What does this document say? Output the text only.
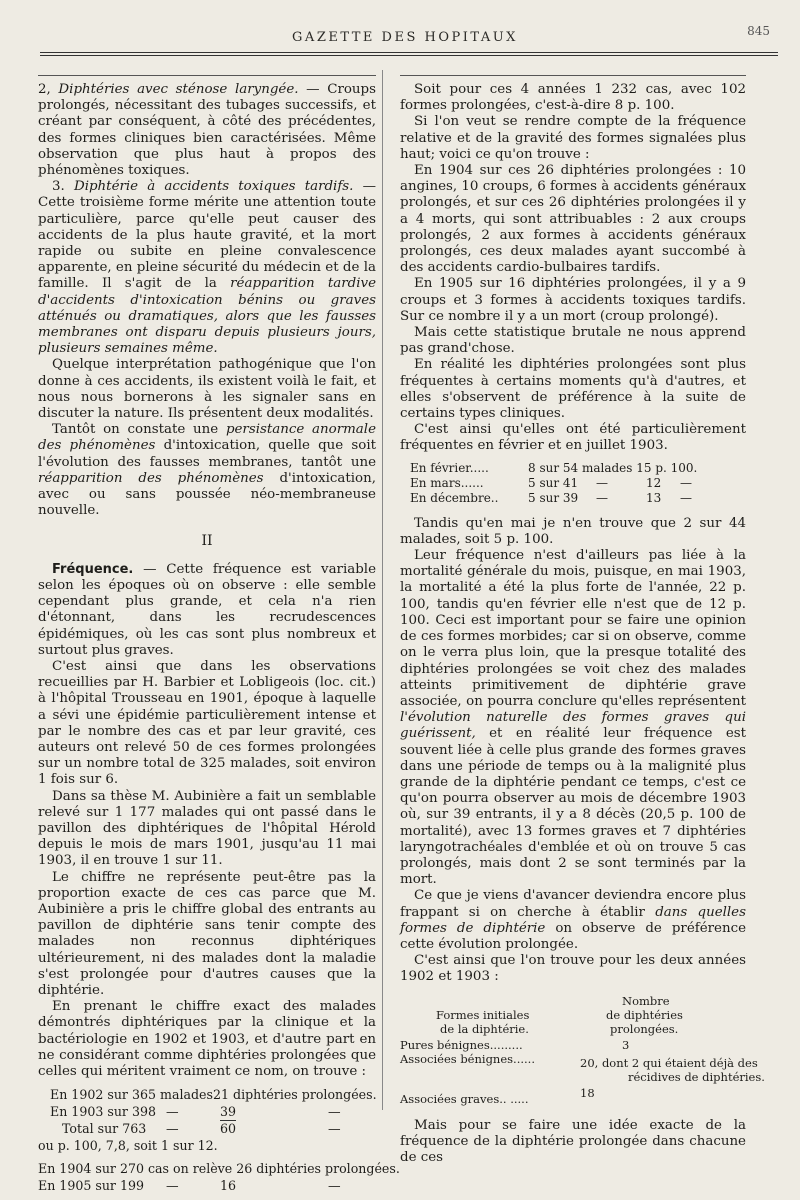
GAZETTE DES HOPITAUX	845

2, Diphtéries avec sténose laryngée. — Croups prolongés, nécessitant des tubages successifs, et créant par conséquent, à côté des précédentes, des formes cliniques bien caractérisées. Même observation que plus haut à propos des phénomènes toxiques.

3. Diphtérie à accidents toxiques tardifs. — Cette troisième forme mérite une attention toute particulière, parce qu'elle peut causer des accidents de la plus haute gravité, et la mort rapide ou subite en pleine convalescence apparente, en pleine sécurité du médecin et de la famille. Il s'agit de la réapparition tardive d'accidents d'intoxication bénins ou graves atténués ou dramatiques, alors que les fausses membranes ont disparu depuis plusieurs jours, plusieurs semaines même.

Quelque interprétation pathogénique que l'on donne à ces accidents, ils existent voilà le fait, et nous nous bornerons à les signaler sans en discuter la nature. Ils présentent deux modalités.

Tantôt on constate une persistance anormale des phénomènes d'intoxication, quelle que soit l'évolution des fausses membranes, tantôt une réapparition des phénomènes d'intoxication, avec ou sans poussée néo-membraneuse nouvelle.

II

Fréquence. — Cette fréquence est variable selon les époques où on observe : elle semble cependant plus grande, et cela n'a rien d'étonnant, dans les recrudescences épidémiques, où les cas sont plus nombreux et surtout plus graves.

C'est ainsi que dans les observations recueillies par H. Barbier et Lobligeois (loc. cit.) à l'hôpital Trousseau en 1901, époque à laquelle a sévi une épidémie particulièrement intense et par le nombre des cas et par leur gravité, ces auteurs ont relevé 50 de ces formes prolongées sur un nombre total de 325 malades, soit environ 1 fois sur 6.

Dans sa thèse M. Aubinière a fait un semblable relevé sur 1 177 malades qui ont passé dans le pavillon des diphtériques de l'hôpital Hérold depuis le mois de mars 1901, jusqu'au 11 mai 1903, il en trouve 1 sur 11.

Le chiffre ne représente peut-être pas la proportion exacte de ces cas parce que M. Aubinière a pris le chiffre global des entrants au pavillon de diphtérie sans tenir compte des malades non reconnus diphtériques ultérieurement, ni des malades dont la maladie s'est prolongée pour d'autres causes que la diphtérie.

En prenant le chiffre exact des malades démontrés diphtériques par la clinique et la bactériologie en 1902 et 1903, et d'autre part en ne considérant comme diphtéries prolongées que celles qui méritent vraiment ce nom, on trouve :

En 1902 sur 365 malades 21 diphtéries prolongées.
En 1903 sur 398 —	39	—
Total sur 763 —	60	—
ou p. 100, 7,8, soit 1 sur 12.
En 1904 sur 270 cas on relève 26 diphtéries prolongées.
En 1905 sur 199 —	16	—

Soit pour ces 4 années 1 232 cas, avec 102 formes prolongées, c'est-à-dire 8 p. 100.

Si l'on veut se rendre compte de la fréquence relative et de la gravité des formes signalées plus haut; voici ce qu'on trouve :

En 1904 sur ces 26 diphtéries prolongées : 10 angines, 10 croups, 6 formes à accidents généraux prolongés, et sur ces 26 diphtéries prolongées il y a 4 morts, qui sont attribuables : 2 aux croups prolongés, 2 aux formes à accidents généraux prolongés, ces deux malades ayant succombé à des accidents cardio-bulbaires tardifs.

En 1905 sur 16 diphtéries prolongées, il y a 9 croups et 3 formes à accidents toxiques tardifs. Sur ce nombre il y a un mort (croup prolongé).

Mais cette statistique brutale ne nous apprend pas grand'chose.

En réalité les diphtéries prolongées sont plus fréquentes à certains moments qu'à d'autres, et elles s'observent de préférence à la suite de certains types cliniques.

C'est ainsi qu'elles ont été particulièrement fréquentes en février et en juillet 1903.

En février.....	8 sur 54 malades 15 p. 100.
En mars......	5 sur 41 —	12 —
En décembre.. 5 sur 39 —	13 —

Tandis qu'en mai je n'en trouve que 2 sur 44 malades, soit 5 p. 100.

Leur fréquence n'est d'ailleurs pas liée à la mortalité générale du mois, puisque, en mai 1903, la mortalité a été la plus forte de l'année, 22 p. 100, tandis qu'en février elle n'est que de 12 p. 100. Ceci est important pour se faire une opinion de ces formes morbides; car si on observe, comme on le verra plus loin, que la presque totalité des diphtéries prolongées se voit chez des malades atteints primitivement de diphtérie grave associée, on pourra conclure qu'elles représentent l'évolution naturelle des formes graves qui guérissent, et en réalité leur fréquence est souvent liée à celle plus grande des formes graves dans une période de temps ou à la malignité plus grande de la diphtérie pendant ce temps, c'est ce qu'on pourra observer au mois de décembre 1903 où, sur 39 entrants, il y a 8 décès (20,5 p. 100 de mortalité), avec 13 formes graves et 7 diphtéries laryngotrachéales d'emblée et où on trouve 5 cas prolongés, mais dont 2 se sont terminés par la mort.

Ce que je viens d'avancer deviendra encore plus frappant si on cherche à établir dans quelles formes de diphtérie on observe de préférence cette évolution prolongée.

C'est ainsi que l'on trouve pour les deux années 1902 et 1903 :

Formes initiales
de la diphtérie.
Nombre
de diphtéries
prolongées.
Pures bénignes.........	3
Associées bénignes......	20, dont 2 qui étaient déjà des
récidives de diphtéries.
Associées graves.. .....	18

Mais pour se faire une idée exacte de la fréquence de la diphtérie prolongée dans chacune de ces
